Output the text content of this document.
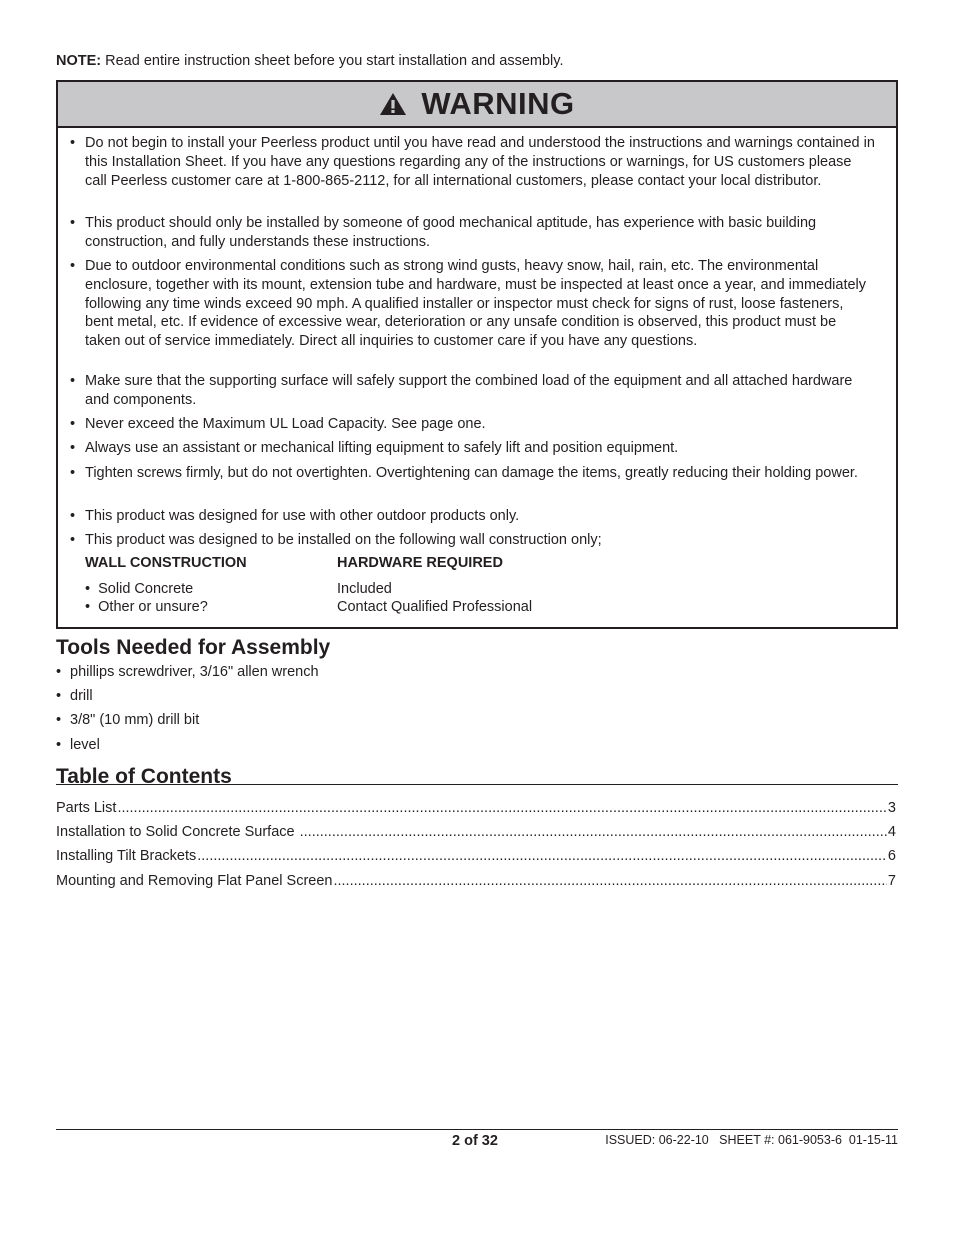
NOTE: Read entire instruction sheet before you start installation and assembly.
WARNING
• Do not begin to install your Peerless product until you have read and understood the instructions and warnings contained in this Installation Sheet. If you have any questions regarding any of the instructions or warnings, for US customers please call Peerless customer care at 1-800-865-2112, for all international customers, please contact your local distributor.
• This product should only be installed by someone of good mechanical aptitude, has experience with basic building construction, and fully understands these instructions.
• Due to outdoor environmental conditions such as strong wind gusts, heavy snow, hail, rain, etc. The environmental enclosure, together with its mount, extension tube and hardware, must be inspected at least once a year, and immediately following any time winds exceed 90 mph. A qualified installer or inspector must check for signs of rust, loose fasteners, bent metal, etc. If evidence of excessive wear, deterioration or any unsafe condition is observed, this product must be taken out of service immediately. Direct all inquiries to customer care if you have any questions.
• Make sure that the supporting surface will safely support the combined load of the equipment and all attached hardware and components.
• Never exceed the Maximum UL Load Capacity. See page one.
• Always use an assistant or mechanical lifting equipment to safely lift and position equipment.
• Tighten screws firmly, but do not overtighten. Overtightening can damage the items, greatly reducing their holding power.
• This product was designed for use with other outdoor products only.
• This product was designed to be installed on the following wall construction only;
WALL CONSTRUCTION	HARDWARE REQUIRED
•  Solid Concrete	Included
•  Other or unsure?	Contact Qualified Professional
Tools Needed for Assembly
• phillips screwdriver, 3/16" allen wrench
• drill
• 3/8" (10 mm) drill bit
• level
Table of Contents
Parts List .....	3
Installation to Solid Concrete Surface .....	4
Installing Tilt Brackets .....	6
Mounting and Removing Flat Panel Screen .....	7
2 of 32	ISSUED: 06-22-10   SHEET #: 061-9053-6  01-15-11
